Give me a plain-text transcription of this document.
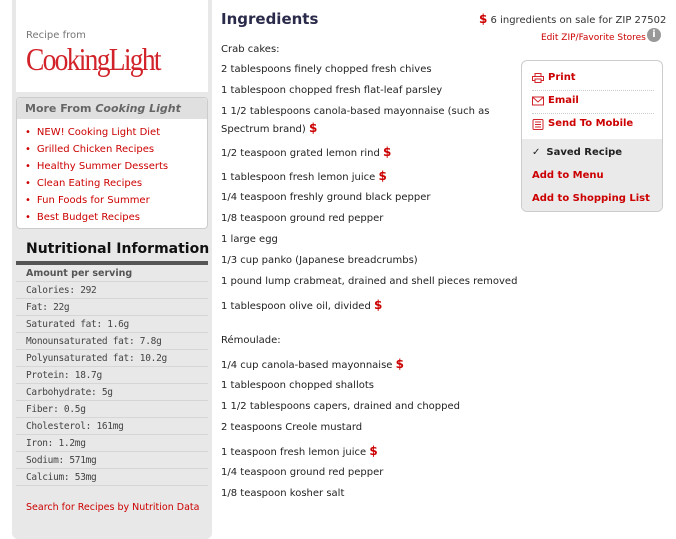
Recipe from
CookingLight
More From Cooking Light
• NEW! Cooking Light Diet
• Grilled Chicken Recipes
• Healthy Summer Desserts
• Clean Eating Recipes
• Fun Foods for Summer
• Best Budget Recipes
Nutritional Information
Amount per serving
Calories: 292
Fat: 22g
Saturated fat: 1.6g
Monounsaturated fat: 7.8g
Polyunsaturated fat: 10.2g
Protein: 18.7g
Carbohydrate: 5g
Fiber: 0.5g
Cholesterol: 161mg
Iron: 1.2mg
Sodium: 571mg
Calcium: 53mg
Search for Recipes by Nutrition Data
Ingredients	$ 6 ingredients on sale for ZIP 27502
Edit ZIP/Favorite Stores i
Crab cakes:
2 tablespoons finely chopped fresh chives
1 tablespoon chopped fresh flat-leaf parsley
1 1/2 tablespoons canola-based mayonnaise (such as Spectrum brand) $
1/2 teaspoon grated lemon rind $
1 tablespoon fresh lemon juice $
1/4 teaspoon freshly ground black pepper
1/8 teaspoon ground red pepper
1 large egg
1/3 cup panko (Japanese breadcrumbs)
1 pound lump crabmeat, drained and shell pieces removed
1 tablespoon olive oil, divided $
Rémoulade:
1/4 cup canola-based mayonnaise $
1 tablespoon chopped shallots
1 1/2 tablespoons capers, drained and chopped
2 teaspoons Creole mustard
1 teaspoon fresh lemon juice $
1/4 teaspoon ground red pepper
1/8 teaspoon kosher salt
Print
Email
Send To Mobile
✓ Saved Recipe
Add to Menu
Add to Shopping List
